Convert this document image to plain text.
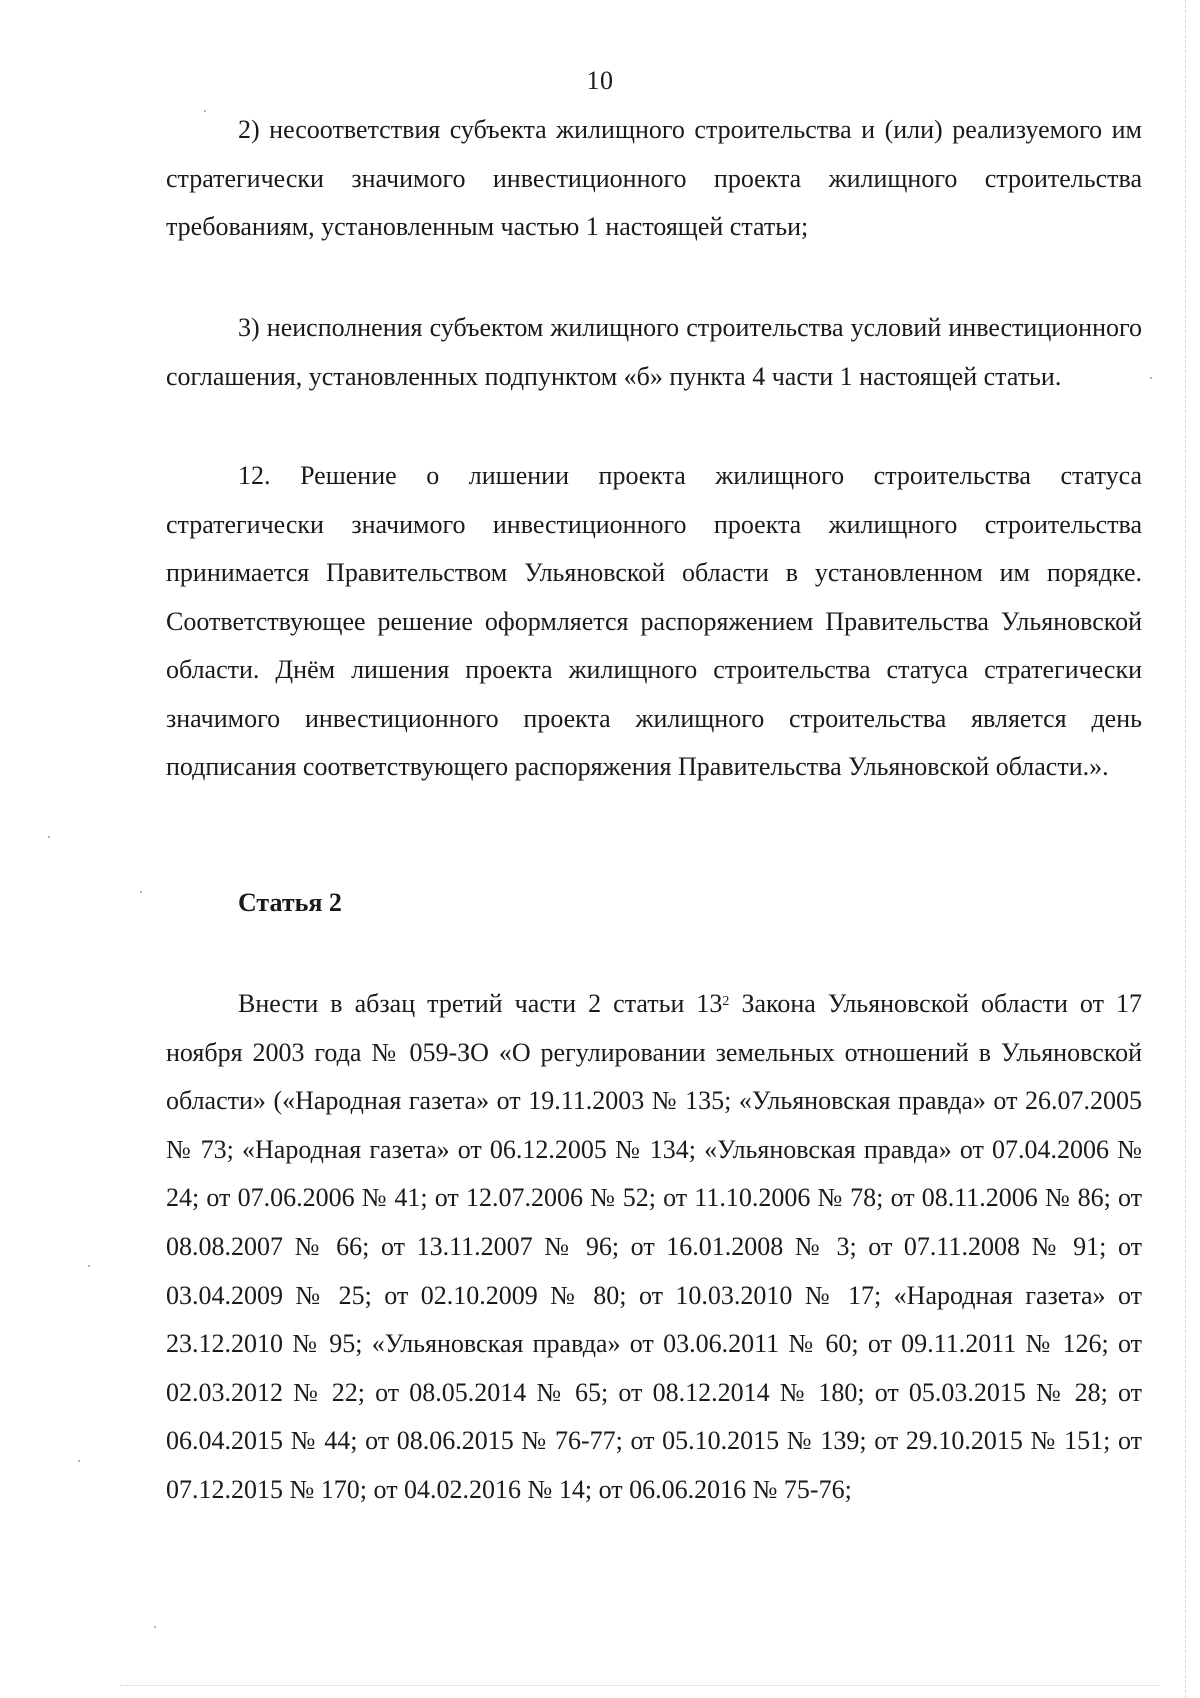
10

2) несоответствия субъекта жилищного строительства и (или) реализуемого им стратегически значимого инвестиционного проекта жилищного строительства требованиям, установленным частью 1 настоящей статьи;

3) неисполнения субъектом жилищного строительства условий инвестиционного соглашения, установленных подпунктом «б» пункта 4 части 1 настоящей статьи.

12. Решение о лишении проекта жилищного строительства статуса стратегически значимого инвестиционного проекта жилищного строительства принимается Правительством Ульяновской области в установленном им порядке. Соответствующее решение оформляется распоряжением Правительства Ульяновской области. Днём лишения проекта жилищного строительства статуса стратегически значимого инвестиционного проекта жилищного строительства является день подписания соответствующего распоряжения Правительства Ульяновской области.».

Статья 2

Внести в абзац третий части 2 статьи $13^2$ Закона Ульяновской области от 17 ноября 2003 года № 059-ЗО «О регулировании земельных отношений в Ульяновской области» («Народная газета» от 19.11.2003 № 135; «Ульяновская правда» от 26.07.2005 № 73; «Народная газета» от 06.12.2005 № 134; «Ульяновская правда» от 07.04.2006 № 24; от 07.06.2006 № 41; от 12.07.2006 № 52; от 11.10.2006 № 78; от 08.11.2006 № 86; от 08.08.2007 № 66; от 13.11.2007 № 96; от 16.01.2008 № 3; от 07.11.2008 № 91; от 03.04.2009 № 25; от 02.10.2009 № 80; от 10.03.2010 № 17; «Народная газета» от 23.12.2010 № 95; «Ульяновская правда» от 03.06.2011 № 60; от 09.11.2011 № 126; от 02.03.2012 № 22; от 08.05.2014 № 65; от 08.12.2014 № 180; от 05.03.2015 № 28; от 06.04.2015 № 44; от 08.06.2015 № 76-77; от 05.10.2015 № 139; от 29.10.2015 № 151; от 07.12.2015 № 170; от 04.02.2016 № 14; от 06.06.2016 № 75-76;
